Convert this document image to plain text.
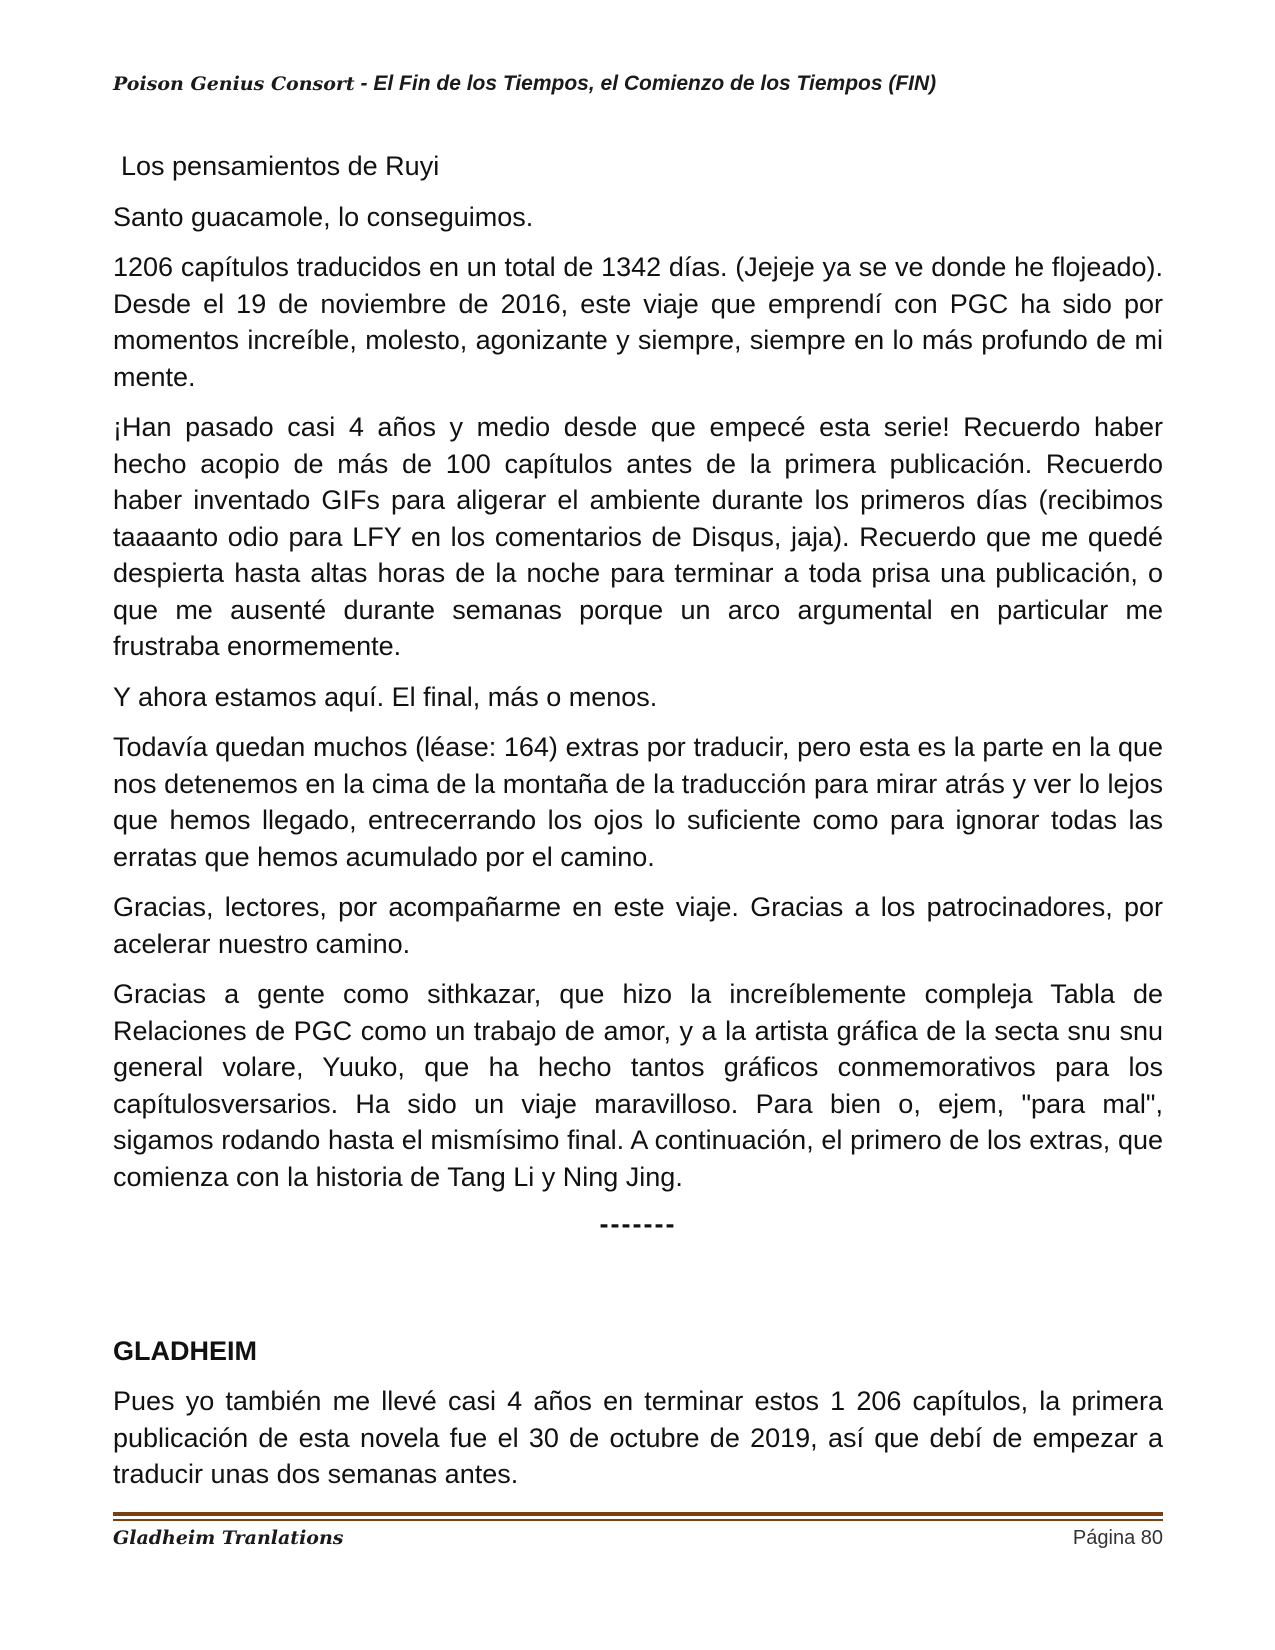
Poison Genius Consort - El Fin de los Tiempos, el Comienzo de los Tiempos (FIN)

Los pensamientos de Ruyi

Santo guacamole, lo conseguimos.

1206 capítulos traducidos en un total de 1342 días. (Jejeje ya se ve donde he flojeado). Desde el 19 de noviembre de 2016, este viaje que emprendí con PGC ha sido por momentos increíble, molesto, agonizante y siempre, siempre en lo más profundo de mi mente.

¡Han pasado casi 4 años y medio desde que empecé esta serie! Recuerdo haber hecho acopio de más de 100 capítulos antes de la primera publicación. Recuerdo haber inventado GIFs para aligerar el ambiente durante los primeros días (recibimos taaaanto odio para LFY en los comentarios de Disqus, jaja). Recuerdo que me quedé despierta hasta altas horas de la noche para terminar a toda prisa una publicación, o que me ausenté durante semanas porque un arco argumental en particular me frustraba enormemente.

Y ahora estamos aquí. El final, más o menos.

Todavía quedan muchos (léase: 164) extras por traducir, pero esta es la parte en la que nos detenemos en la cima de la montaña de la traducción para mirar atrás y ver lo lejos que hemos llegado, entrecerrando los ojos lo suficiente como para ignorar todas las erratas que hemos acumulado por el camino.

Gracias, lectores, por acompañarme en este viaje. Gracias a los patrocinadores, por acelerar nuestro camino.

Gracias a gente como sithkazar, que hizo la increíblemente compleja Tabla de Relaciones de PGC como un trabajo de amor, y a la artista gráfica de la secta snu snu general volare, Yuuko, que ha hecho tantos gráficos conmemorativos para los capítulosversarios. Ha sido un viaje maravilloso. Para bien o, ejem, "para mal", sigamos rodando hasta el mismísimo final. A continuación, el primero de los extras, que comienza con la historia de Tang Li y Ning Jing.

-------
GLADHEIM

Pues yo también me llevé casi 4 años en terminar estos 1 206 capítulos, la primera publicación de esta novela fue el 30 de octubre de 2019, así que debí de empezar a traducir unas dos semanas antes.

Gladheim Tranlations	Página 80
